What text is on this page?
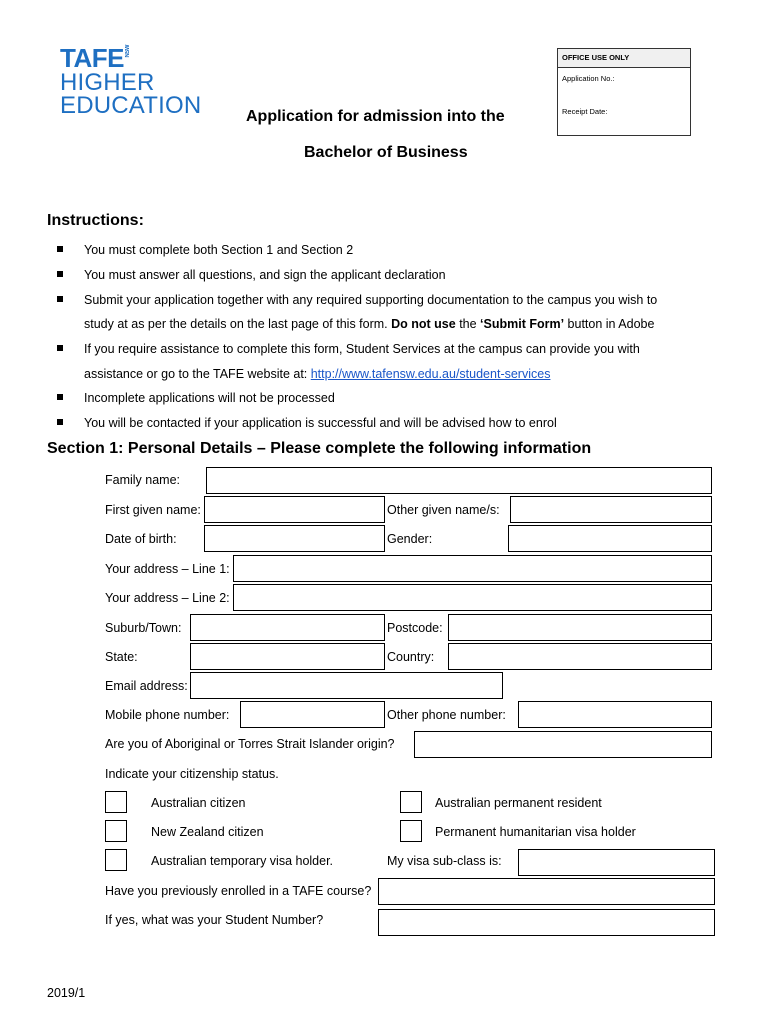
TAFE NSW
HIGHER
EDUCATION
OFFICE USE ONLY
Application No.:
Receipt Date:
Application for admission into the
Bachelor of Business
Instructions:
You must complete both Section 1 and Section 2
You must answer all questions, and sign the applicant declaration
Submit your application together with any required supporting documentation to the campus you wish to
study at as per the details on the last page of this form. Do not use the ‘Submit Form’ button in Adobe
If you require assistance to complete this form, Student Services at the campus can provide you with
assistance or go to the TAFE website at: http://www.tafensw.edu.au/student-services
Incomplete applications will not be processed
You will be contacted if your application is successful and will be advised how to enrol
Section 1: Personal Details – Please complete the following information
Family name:
First given name:	Other given name/s:
Date of birth:	Gender:
Your address – Line 1:
Your address – Line 2:
Suburb/Town:	Postcode:
State:	Country:
Email address:
Mobile phone number:	Other phone number:
Are you of Aboriginal or Torres Strait Islander origin?
Indicate your citizenship status.
Australian citizen	Australian permanent resident
New Zealand citizen	Permanent humanitarian visa holder
Australian temporary visa holder.	My visa sub-class is:
Have you previously enrolled in a TAFE course?
If yes, what was your Student Number?
2019/1
